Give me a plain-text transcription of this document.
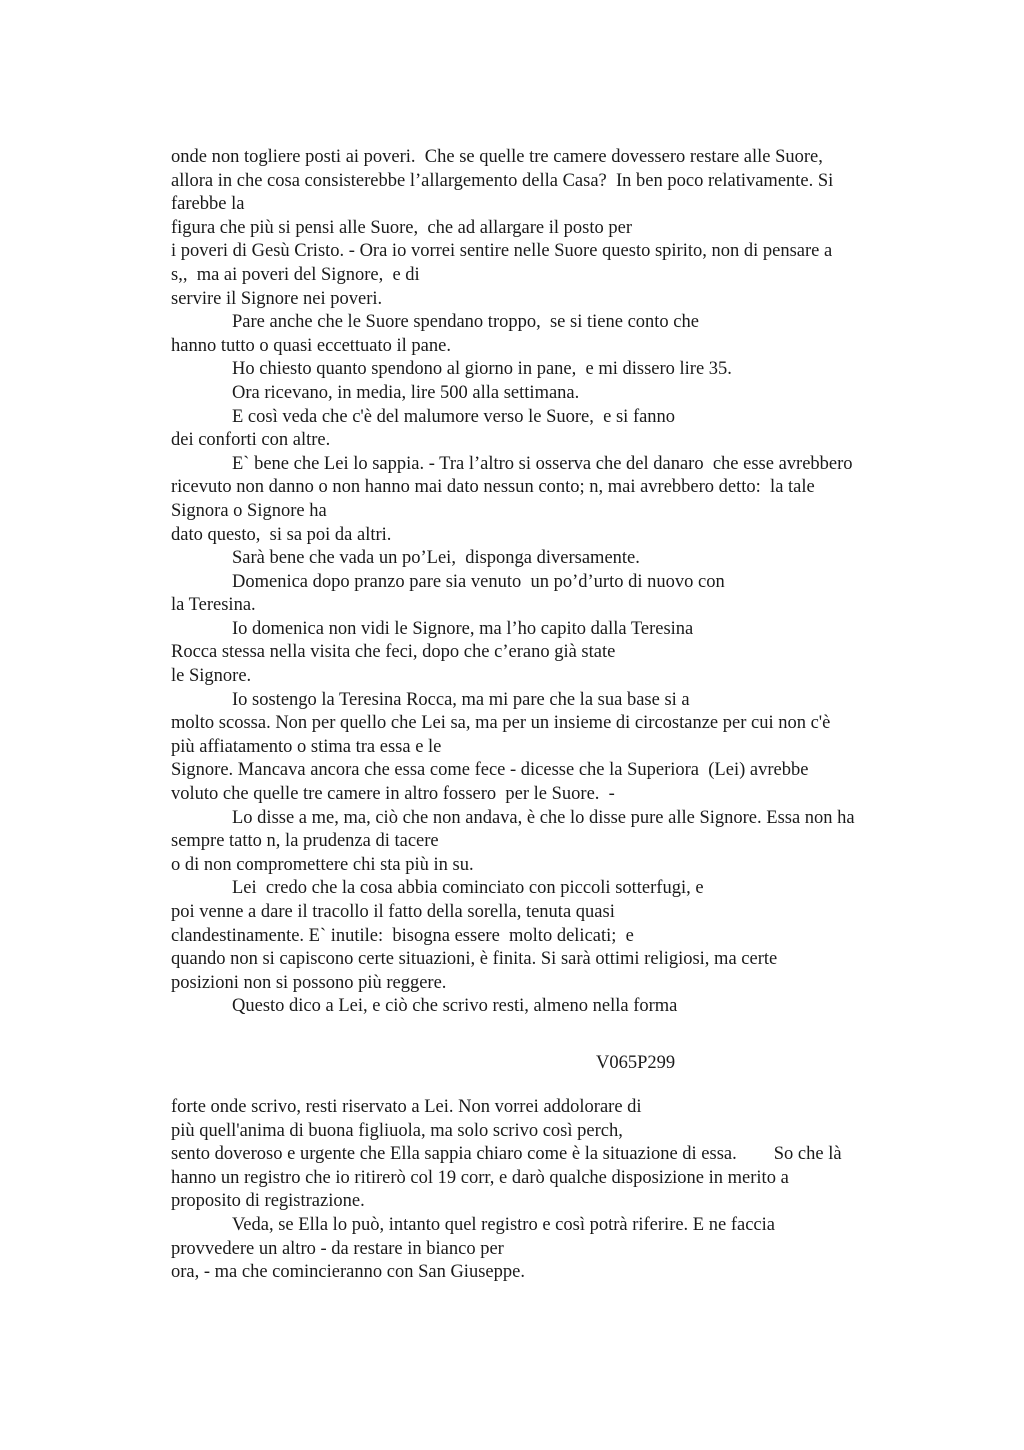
onde non togliere posti ai poveri.  Che se quelle tre camere dovessero restare alle Suore,
allora in che cosa consisterebbe l’allargemento della Casa?  In ben poco relativamente. Si
farebbe la
figura che più si pensi alle Suore,  che ad allargare il posto per
i poveri di Gesù Cristo. - Ora io vorrei sentire nelle Suore questo spirito, non di pensare a
s,,  ma ai poveri del Signore,  e di
servire il Signore nei poveri.
Pare anche che le Suore spendano troppo,  se si tiene conto che
hanno tutto o quasi eccettuato il pane.
Ho chiesto quanto spendono al giorno in pane,  e mi dissero lire 35.
Ora ricevano, in media, lire 500 alla settimana.
E così veda che c'è del malumore verso le Suore,  e si fanno
dei conforti con altre.
E` bene che Lei lo sappia. - Tra l’altro si osserva che del danaro  che esse avrebbero
ricevuto non danno o non hanno mai dato nessun conto; n, mai avrebbero detto:  la tale
Signora o Signore ha
dato questo,  si sa poi da altri.
Sarà bene che vada un po’Lei,  disponga diversamente.
Domenica dopo pranzo pare sia venuto  un po’d’urto di nuovo con
la Teresina.
Io domenica non vidi le Signore, ma l’ho capito dalla Teresina
Rocca stessa nella visita che feci, dopo che c’erano già state
le Signore.
Io sostengo la Teresina Rocca, ma mi pare che la sua base si a
molto scossa. Non per quello che Lei sa, ma per un insieme di circostanze per cui non c'è
più affiatamento o stima tra essa e le
Signore. Mancava ancora che essa come fece - dicesse che la Superiora  (Lei) avrebbe
voluto che quelle tre camere in altro fossero  per le Suore.  -
Lo disse a me, ma, ciò che non andava, è che lo disse pure alle Signore. Essa non ha
sempre tatto n, la prudenza di tacere
o di non compromettere chi sta più in su.
Lei  credo che la cosa abbia cominciato con piccoli sotterfugi, e
poi venne a dare il tracollo il fatto della sorella, tenuta quasi
clandestinamente. E` inutile:  bisogna essere  molto delicati;  e
quando non si capiscono certe situazioni, è finita. Si sarà ottimi religiosi, ma certe
posizioni non si possono più reggere.
Questo dico a Lei, e ciò che scrivo resti, almeno nella forma
V065P299
forte onde scrivo, resti riservato a Lei. Non vorrei addolorare di
più quell'anima di buona figliuola, ma solo scrivo così perch,
sento doveroso e urgente che Ella sappia chiaro come è la situazione di essa.        So che là
hanno un registro che io ritirerò col 19 corr, e darò qualche disposizione in merito a
proposito di registrazione.
Veda, se Ella lo può, intanto quel registro e così potrà riferire. E ne faccia
provvedere un altro - da restare in bianco per
ora, - ma che comincieranno con San Giuseppe.
